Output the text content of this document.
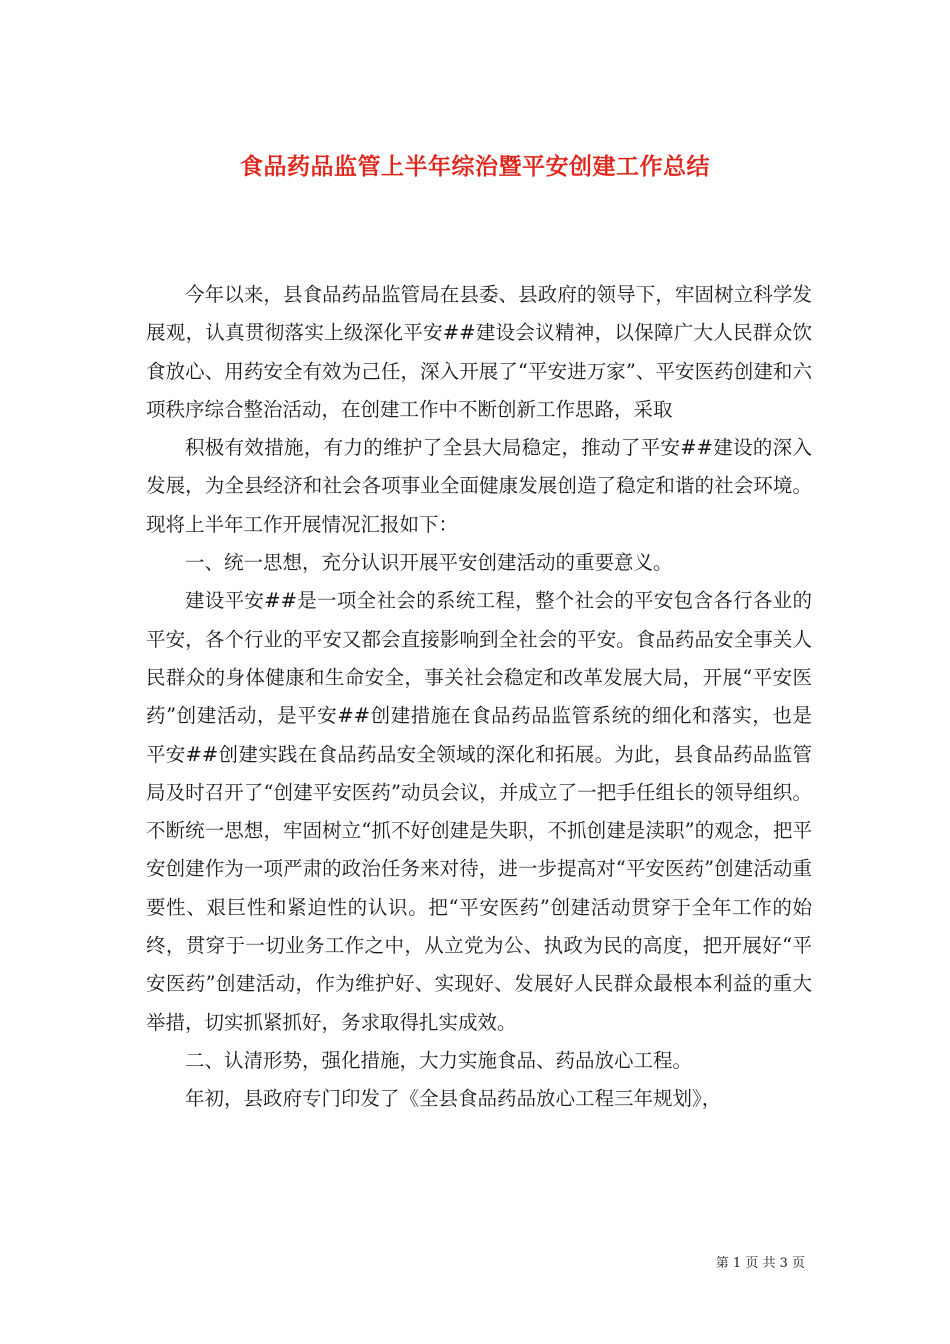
食品药品监管上半年综治暨平安创建工作总结

今年以来，县食品药品监管局在县委、县政府的领导下，牢固树立科学发展观，认真贯彻落实上级深化平安##建设会议精神，以保障广大人民群众饮食放心、用药安全有效为己任，深入开展了“平安进万家”、平安医药创建和六项秩序综合整治活动，在创建工作中不断创新工作思路，采取

积极有效措施，有力的维护了全县大局稳定，推动了平安##建设的深入发展，为全县经济和社会各项事业全面健康发展创造了稳定和谐的社会环境。现将上半年工作开展情况汇报如下：

一、统一思想，充分认识开展平安创建活动的重要意义。

建设平安##是一项全社会的系统工程，整个社会的平安包含各行各业的平安，各个行业的平安又都会直接影响到全社会的平安。食品药品安全事关人民群众的身体健康和生命安全，事关社会稳定和改革发展大局，开展“平安医药”创建活动，是平安##创建措施在食品药品监管系统的细化和落实，也是平安##创建实践在食品药品安全领域的深化和拓展。为此，县食品药品监管局及时召开了“创建平安医药”动员会议，并成立了一把手任组长的领导组织。不断统一思想，牢固树立“抓不好创建是失职，不抓创建是渎职”的观念，把平安创建作为一项严肃的政治任务来对待，进一步提高对“平安医药”创建活动重要性、艰巨性和紧迫性的认识。把“平安医药”创建活动贯穿于全年工作的始终，贯穿于一切业务工作之中，从立党为公、执政为民的高度，把开展好“平安医药”创建活动，作为维护好、实现好、发展好人民群众最根本利益的重大举措，切实抓紧抓好，务求取得扎实成效。

二、认清形势，强化措施，大力实施食品、药品放心工程。

年初，县政府专门印发了《全县食品药品放心工程三年规划》，

第 1 页 共 3 页
